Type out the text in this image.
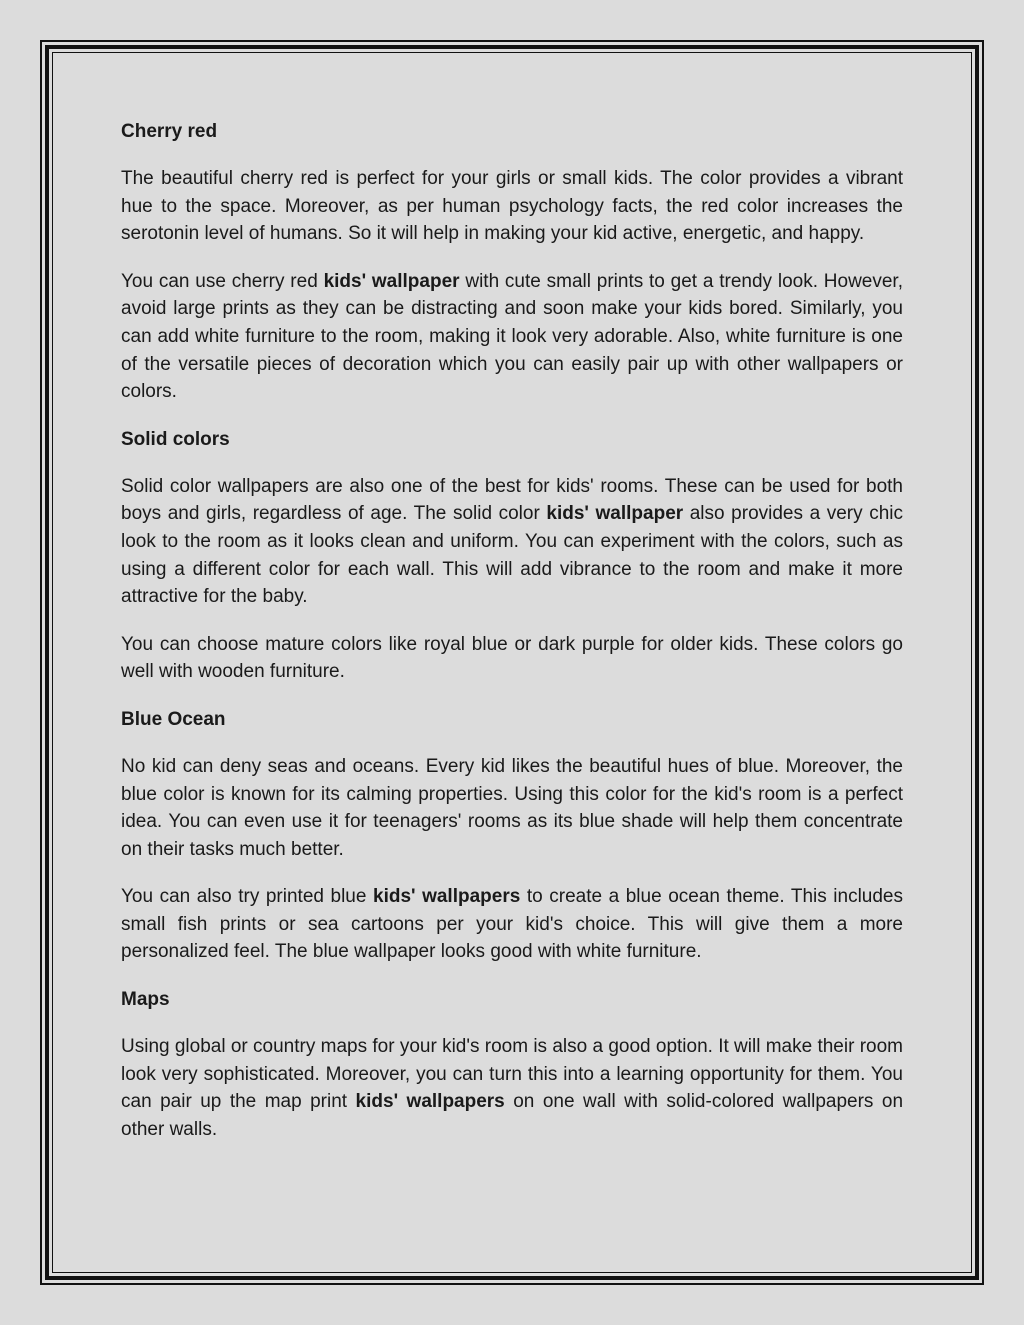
Cherry red

The beautiful cherry red is perfect for your girls or small kids. The color provides a vibrant hue to the space. Moreover, as per human psychology facts, the red color increases the serotonin level of humans. So it will help in making your kid active, energetic, and happy.

You can use cherry red kids' wallpaper with cute small prints to get a trendy look. However, avoid large prints as they can be distracting and soon make your kids bored. Similarly, you can add white furniture to the room, making it look very adorable. Also, white furniture is one of the versatile pieces of decoration which you can easily pair up with other wallpapers or colors.

Solid colors

Solid color wallpapers are also one of the best for kids' rooms. These can be used for both boys and girls, regardless of age. The solid color kids' wallpaper also provides a very chic look to the room as it looks clean and uniform. You can experiment with the colors, such as using a different color for each wall. This will add vibrance to the room and make it more attractive for the baby.

You can choose mature colors like royal blue or dark purple for older kids. These colors go well with wooden furniture.

Blue Ocean

No kid can deny seas and oceans. Every kid likes the beautiful hues of blue. Moreover, the blue color is known for its calming properties. Using this color for the kid's room is a perfect idea. You can even use it for teenagers' rooms as its blue shade will help them concentrate on their tasks much better.

You can also try printed blue kids' wallpapers to create a blue ocean theme. This includes small fish prints or sea cartoons per your kid's choice. This will give them a more personalized feel. The blue wallpaper looks good with white furniture.

Maps

Using global or country maps for your kid's room is also a good option. It will make their room look very sophisticated. Moreover, you can turn this into a learning opportunity for them. You can pair up the map print kids' wallpapers on one wall with solid-colored wallpapers on other walls.
